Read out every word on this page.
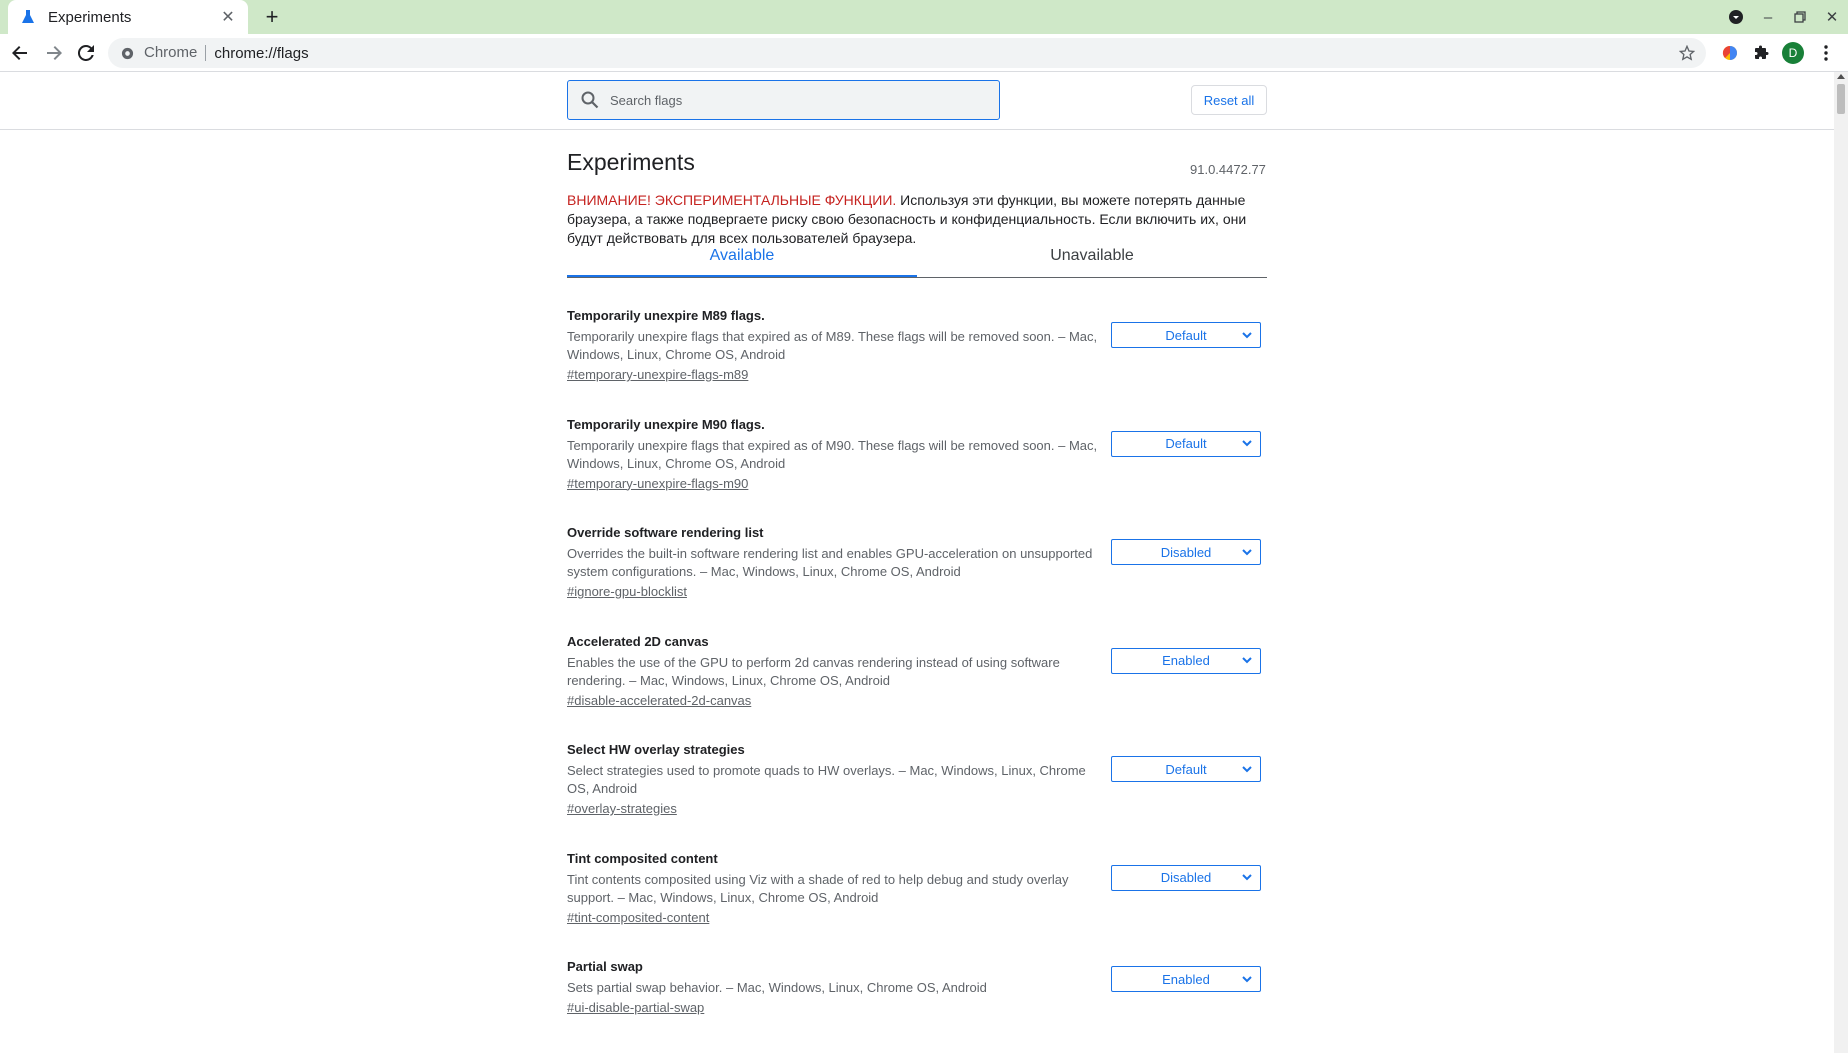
Experiments	✕ +	–	✕
Chrome	chrome://flags	D
Search flags
Reset all
Experiments	91.0.4472.77
ВНИМАНИЕ! ЭКСПЕРИМЕНТАЛЬНЫЕ ФУНКЦИИ. Используя эти функции, вы можете потерять данные браузера, а также подвергаете риску свою безопасность и конфиденциальность. Если включить их, они будут действовать для всех пользователей браузера.
Available	Unavailable
Temporarily unexpire M89 flags.
Temporarily unexpire flags that expired as of M89. These flags will be removed soon. – Mac, Windows, Linux, Chrome OS, Android
#temporary-unexpire-flags-m89
Default
Temporarily unexpire M90 flags.
Temporarily unexpire flags that expired as of M90. These flags will be removed soon. – Mac, Windows, Linux, Chrome OS, Android
#temporary-unexpire-flags-m90
Default
Override software rendering list
Overrides the built-in software rendering list and enables GPU-acceleration on unsupported system configurations. – Mac, Windows, Linux, Chrome OS, Android
#ignore-gpu-blocklist
Disabled
Accelerated 2D canvas
Enables the use of the GPU to perform 2d canvas rendering instead of using software rendering. – Mac, Windows, Linux, Chrome OS, Android
#disable-accelerated-2d-canvas
Enabled
Select HW overlay strategies
Select strategies used to promote quads to HW overlays. – Mac, Windows, Linux, Chrome OS, Android
#overlay-strategies
Default
Tint composited content
Tint contents composited using Viz with a shade of red to help debug and study overlay support. – Mac, Windows, Linux, Chrome OS, Android
#tint-composited-content
Disabled
Partial swap
Sets partial swap behavior. – Mac, Windows, Linux, Chrome OS, Android
#ui-disable-partial-swap
Enabled
